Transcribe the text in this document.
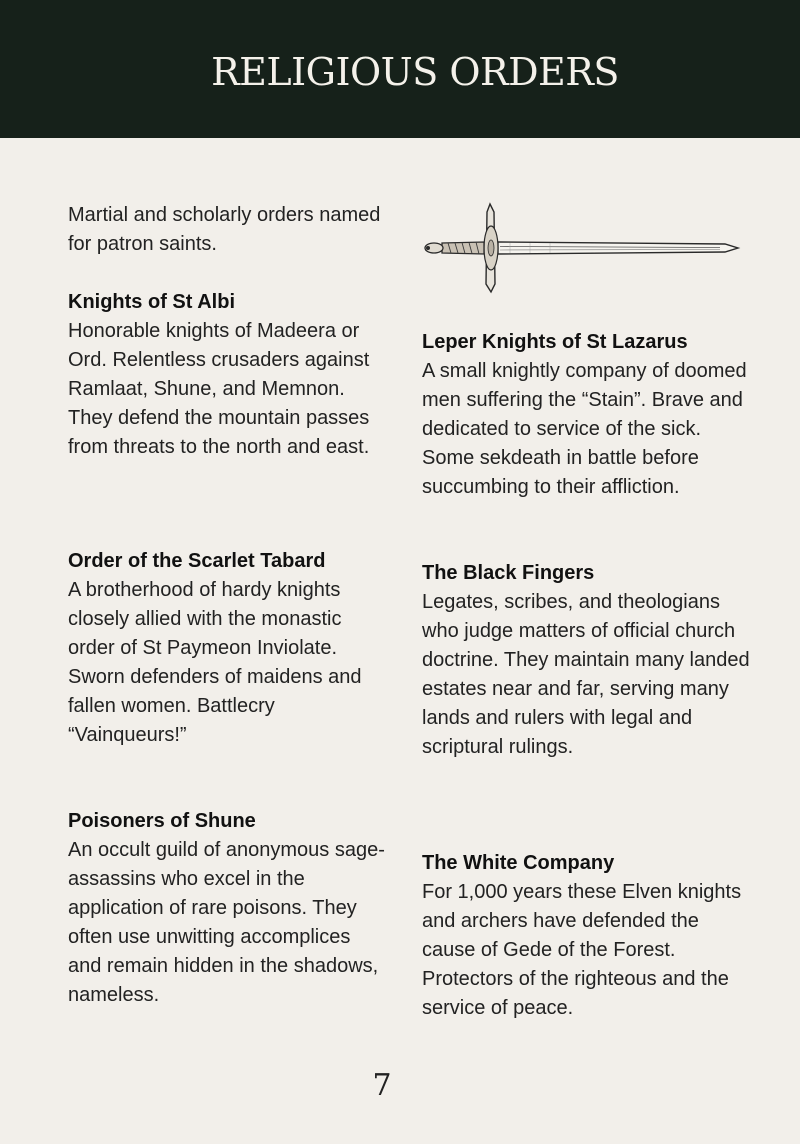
RELIGIOUS ORDERS

Martial and scholarly orders named for patron saints.

Knights of St Albi

Honorable knights of Madeera or Ord. Relentless crusaders against Ramlaat, Shune, and Memnon. They defend the mountain passes from threats to the north and east.

Order of the Scarlet Tabard

A brotherhood of hardy knights closely allied with the monastic order of St Paymeon Inviolate. Sworn defenders of maidens and fallen women. Battlecry “Vainqueurs!”

Poisoners of Shune

An occult guild of anonymous sage-assassins who excel in the application of rare poisons. They often use unwitting accomplices and remain hidden in the shadows, nameless.

Leper Knights of St Lazarus

A small knightly company of doomed men suffering the “Stain”. Brave and dedicated to service of the sick. Some sekdeath in battle before succumbing to their affliction.

The Black Fingers

Legates, scribes, and theologians who judge matters of official church doctrine. They maintain many landed estates near and far, serving many lands and rulers with legal and scriptural rulings.

The White Company

For 1,000 years these Elven knights and archers have defended the cause of Gede of the Forest. Protectors of the righteous and the service of peace.

7
